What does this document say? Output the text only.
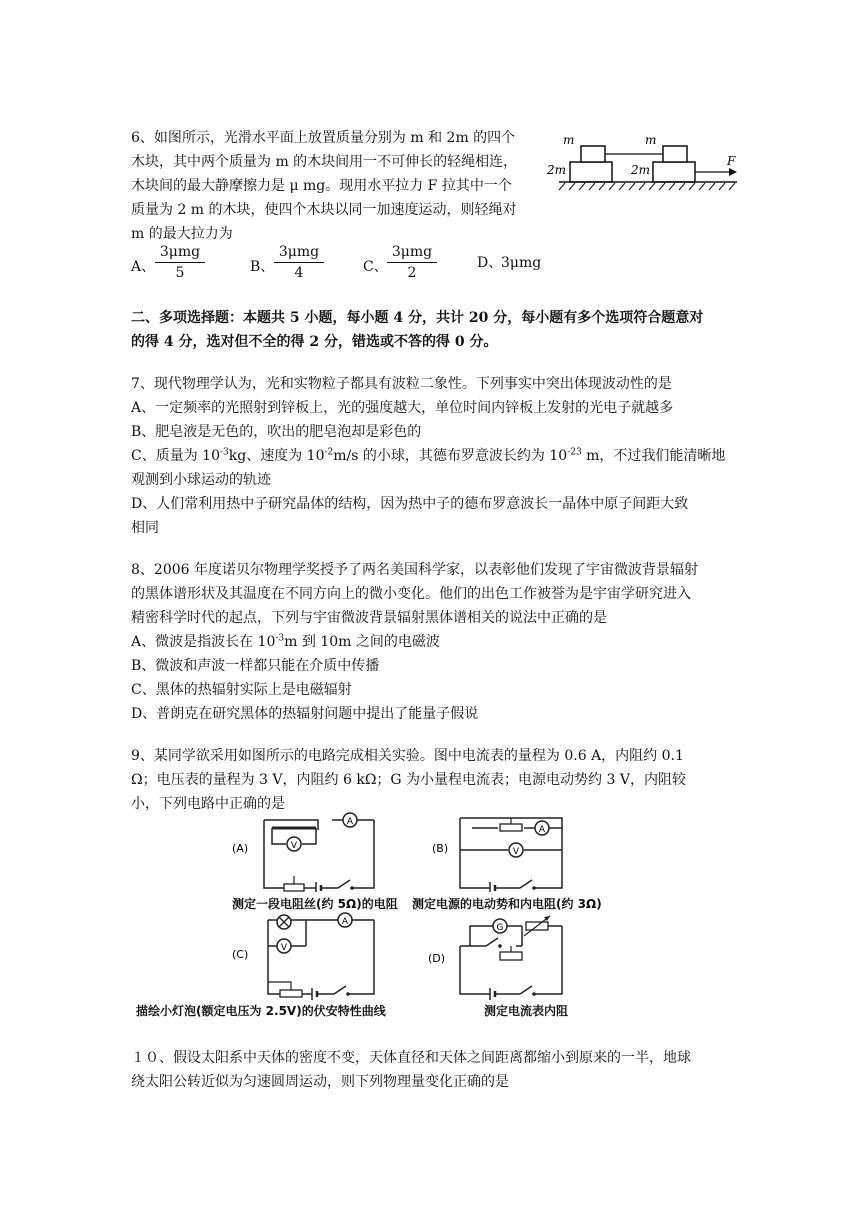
6、如图所示，光滑水平面上放置质量分别为 m 和 2m 的四个
木块，其中两个质量为 m 的木块间用一不可伸长的轻绳相连，
木块间的最大静摩擦力是 μ mg。现用水平拉力 F 拉其中一个
质量为 2 m 的木块，使四个木块以同一加速度运动，则轻绳对
m 的最大拉力为
A、
3μmg
5	B、
3μmg
4	C、
3μmg
2
D、
3μmg
m	m
2m	2m
F
二、多项选择题：本题共 5 小题，每小题 4 分，共计 20 分，每小题有多个选项符合题意对
的得 4 分，选对但不全的得 2 分，错选或不答的得 0 分。
7、现代物理学认为，光和实物粒子都具有波粒二象性。下列事实中突出体现波动性的是
A、一定频率的光照射到锌板上，光的强度越大，单位时间内锌板上发射的光电子就越多
B、肥皂液是无色的，吹出的肥皂泡却是彩色的
C、质量为 $10^{-3}kg$、速度为 $10^{-2}m/s$ 的小球，其德布罗意波长约为 $10^{-23}$ m，不过我们能清晰地
观测到小球运动的轨迹
D、人们常利用热中子研究晶体的结构，因为热中子的德布罗意波长一晶体中原子间距大致
相同
8、2006 年度诺贝尔物理学奖授予了两名美国科学家，以表彰他们发现了宇宙微波背景辐射
的黑体谱形状及其温度在不同方向上的微小变化。他们的出色工作被誉为是宇宙学研究进入
精密科学时代的起点，下列与宇宙微波背景辐射黑体谱相关的说法中正确的是
A、微波是指波长在 $10^{-3}m$ 到 10m 之间的电磁波
B、微波和声波一样都只能在介质中传播
C、黑体的热辐射实际上是电磁辐射
D、普朗克在研究黑体的热辐射问题中提出了能量子假说
9、某同学欲采用如图所示的电路完成相关实验。图中电流表的量程为 0.6 A，内阻约 0.1
Ω；电压表的量程为 3 V，内阻约 6 kΩ；G 为小量程电流表；电源电动势约 3 V，内阻较
小，下列电路中正确的是
V
A
(A)
测定一段电阻丝(约 5Ω)的电阻
A
V
(B)
测定电源的电动势和内电阻(约 3Ω)
V
A
(C)
描绘小灯泡(额定电压为 2.5V)的伏安特性曲线
G
(D)
测定电流表内阻
１０、假设太阳系中天体的密度不变，天体直径和天体之间距离都缩小到原来的一半，地球
绕太阳公转近似为匀速圆周运动，则下列物理量变化正确的是
